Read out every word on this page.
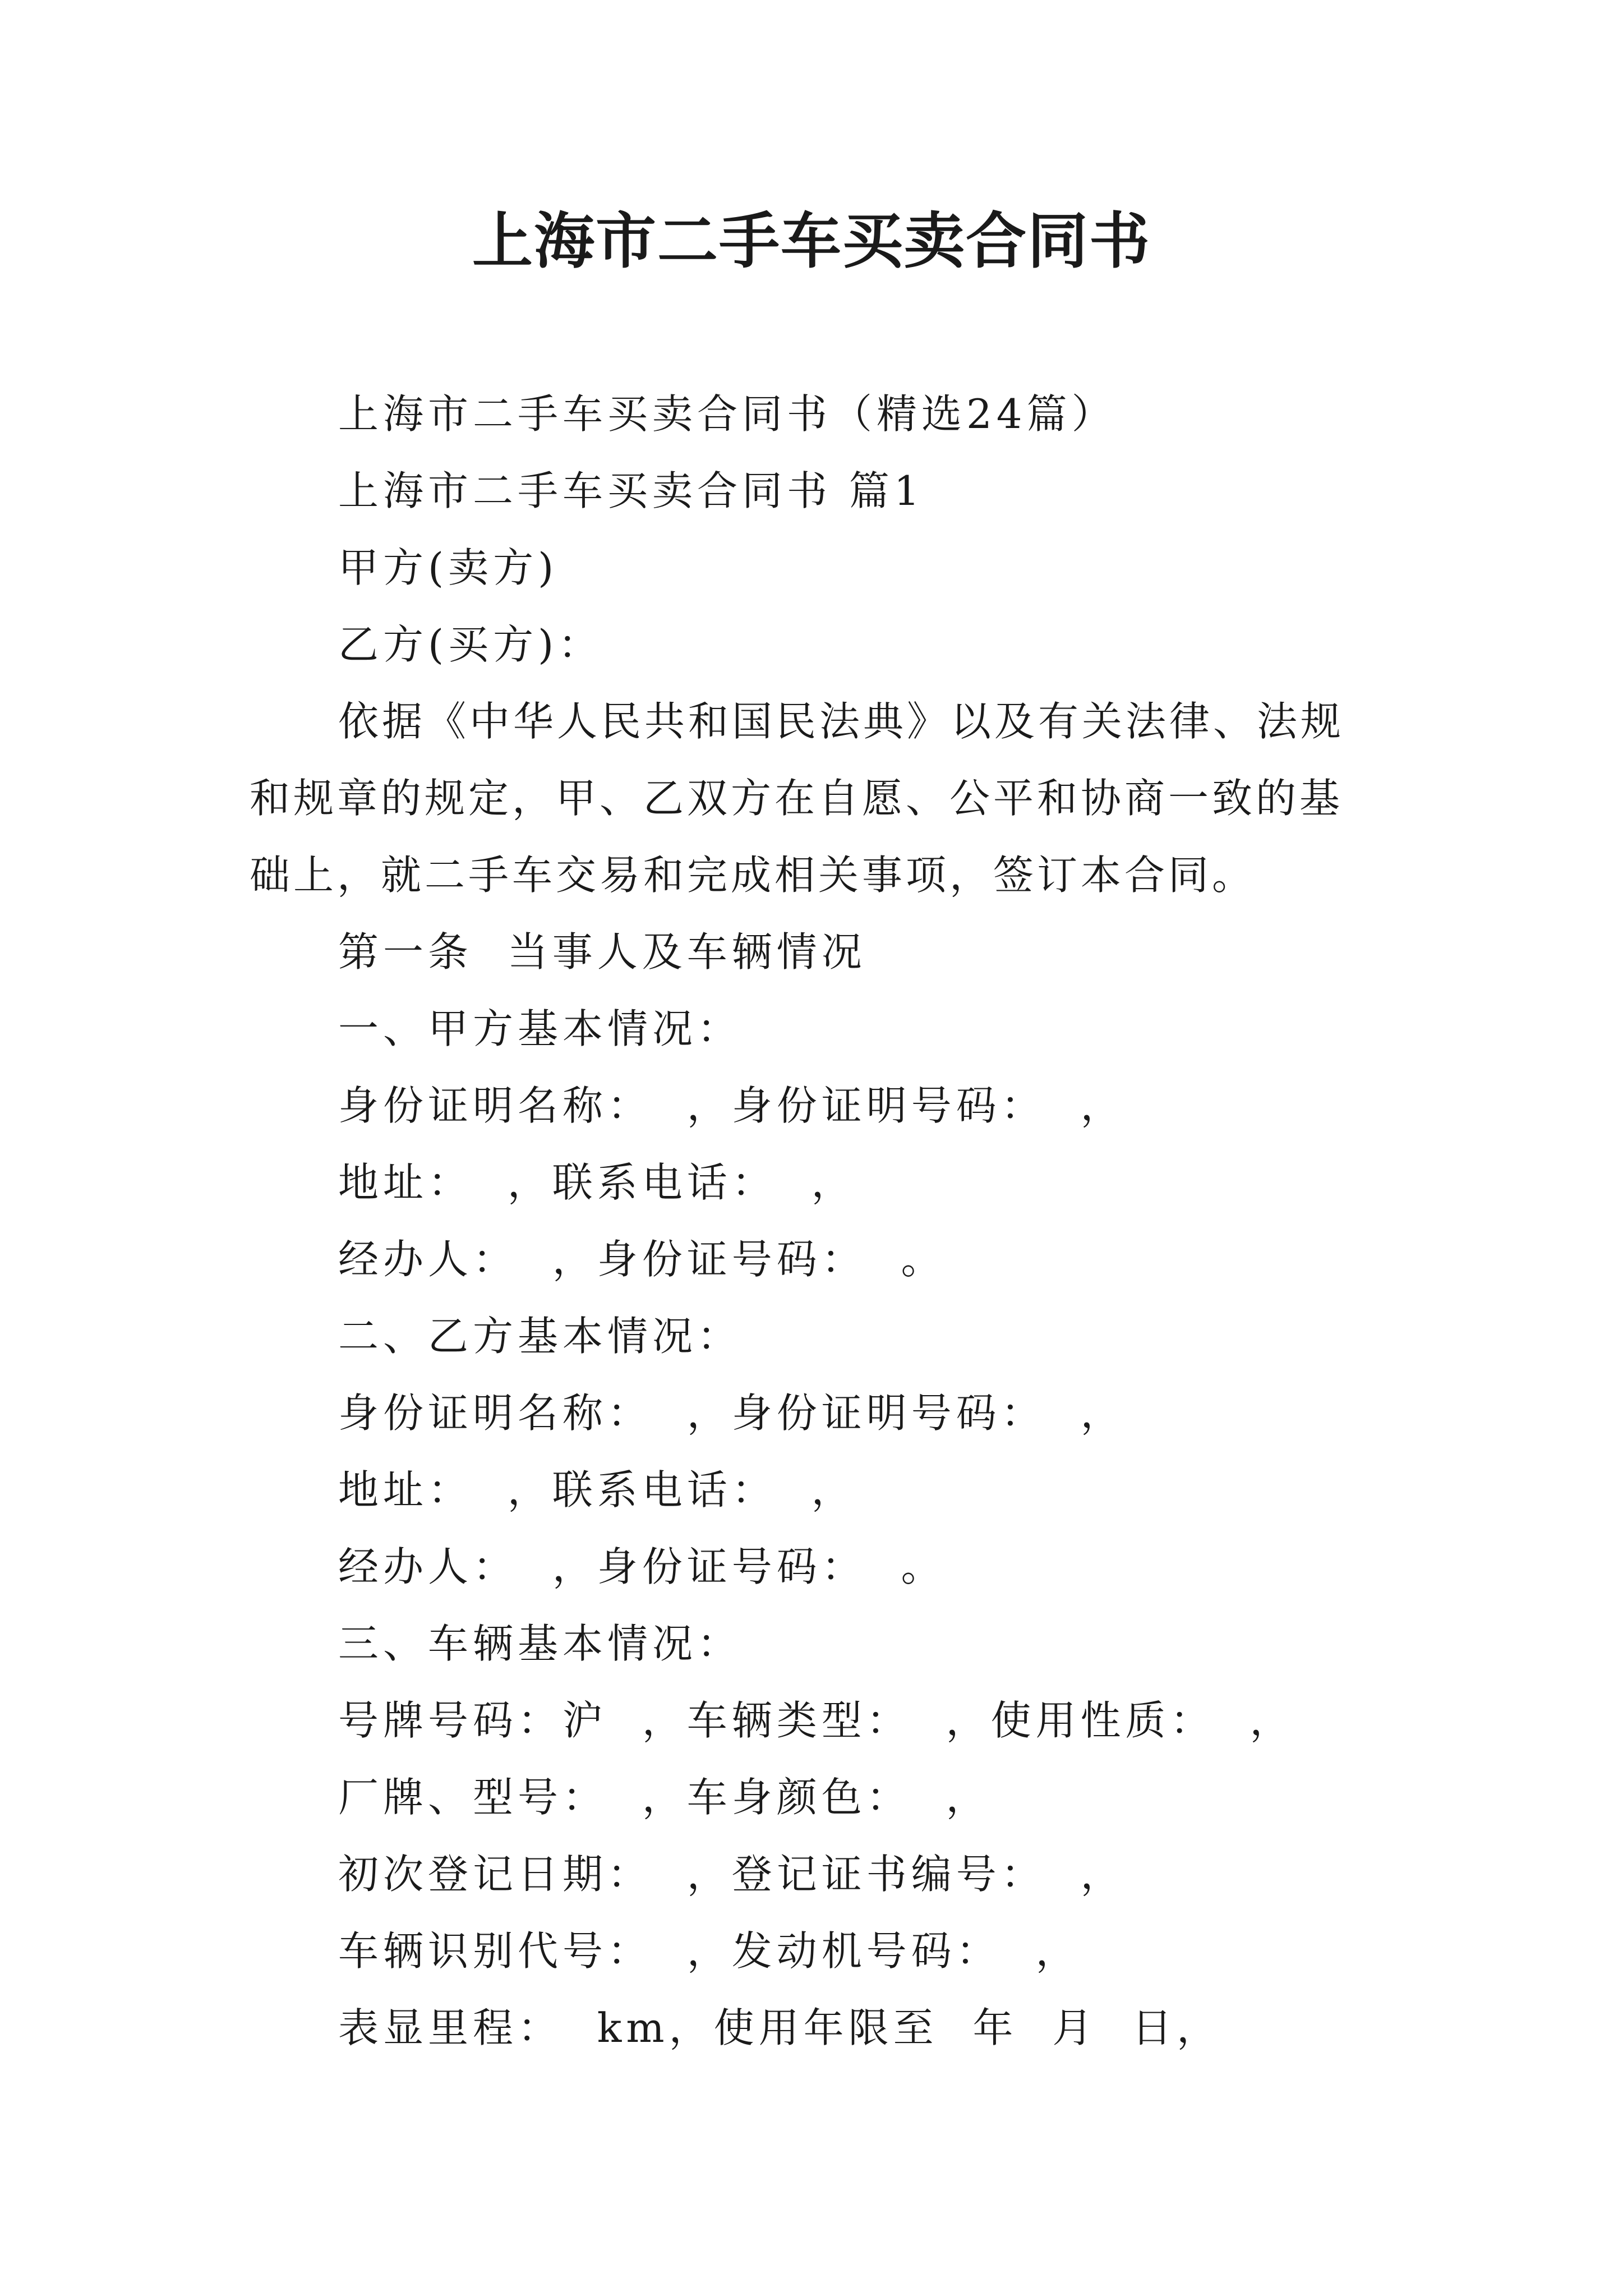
上海市二手车买卖合同书

上海市二手车买卖合同书（精选24篇）

上海市二手车买卖合同书 篇1

甲方(卖方)

乙方(买方)：

依据《中华人民共和国民法典》以及有关法律、法规和规章的规定，甲、乙双方在自愿、公平和协商一致的基础上，就二手车交易和完成相关事项，签订本合同。

第一条  当事人及车辆情况

一、甲方基本情况：

身份证明名称：  ，身份证明号码：  ，

地址：  ，联系电话：  ，

经办人：  ，身份证号码：  。

二、乙方基本情况：

身份证明名称：  ，身份证明号码：  ，

地址：  ，联系电话：  ，

经办人：  ，身份证号码：  。

三、车辆基本情况：

号牌号码：沪  ，车辆类型：  ，使用性质：  ，

厂牌、型号：  ，车身颜色：  ，

初次登记日期：  ，登记证书编号：  ，

车辆识别代号：  ，发动机号码：  ，

表显里程：  km，使用年限至  年  月  日，
